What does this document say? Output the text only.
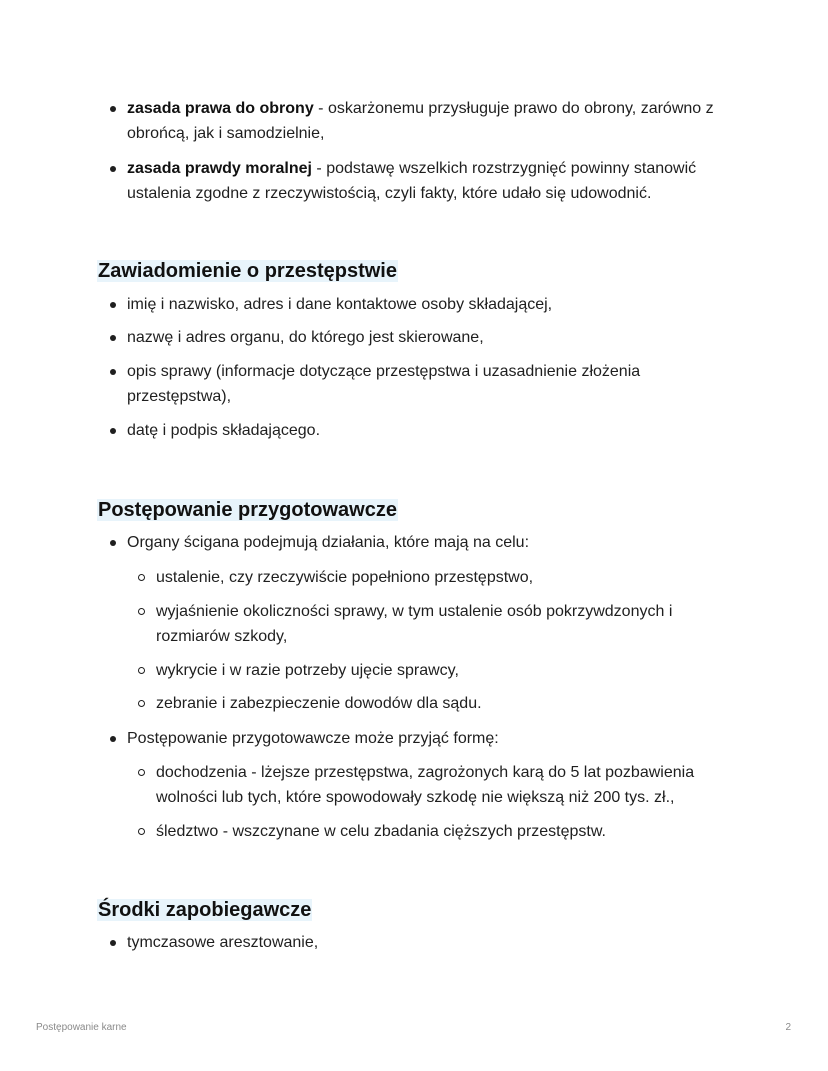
zasada prawa do obrony - oskarżonemu przysługuje prawo do obrony, zarówno z obrońcą, jak i samodzielnie,
zasada prawdy moralnej - podstawę wszelkich rozstrzygnięć powinny stanowić ustalenia zgodne z rzeczywistością, czyli fakty, które udało się udowodnić.
Zawiadomienie o przestępstwie
imię i nazwisko, adres i dane kontaktowe osoby składającej,
nazwę i adres organu, do którego jest skierowane,
opis sprawy (informacje dotyczące przestępstwa i uzasadnienie złożenia przestępstwa),
datę i podpis składającego.
Postępowanie przygotowawcze
Organy ścigana podejmują działania, które mają na celu:
ustalenie, czy rzeczywiście popełniono przestępstwo,
wyjaśnienie okoliczności sprawy, w tym ustalenie osób pokrzywdzonych i rozmiarów szkody,
wykrycie i w razie potrzeby ujęcie sprawcy,
zebranie i zabezpieczenie dowodów dla sądu.
Postępowanie przygotowawcze może przyjąć formę:
dochodzenia - lżejsze przestępstwa, zagrożonych karą do 5 lat pozbawienia wolności lub tych, które spowodowały szkodę nie większą niż 200 tys. zł.,
śledztwo - wszczynane w celu zbadania cięższych przestępstw.
Środki zapobiegawcze
tymczasowe aresztowanie,
Postępowanie karne	2
